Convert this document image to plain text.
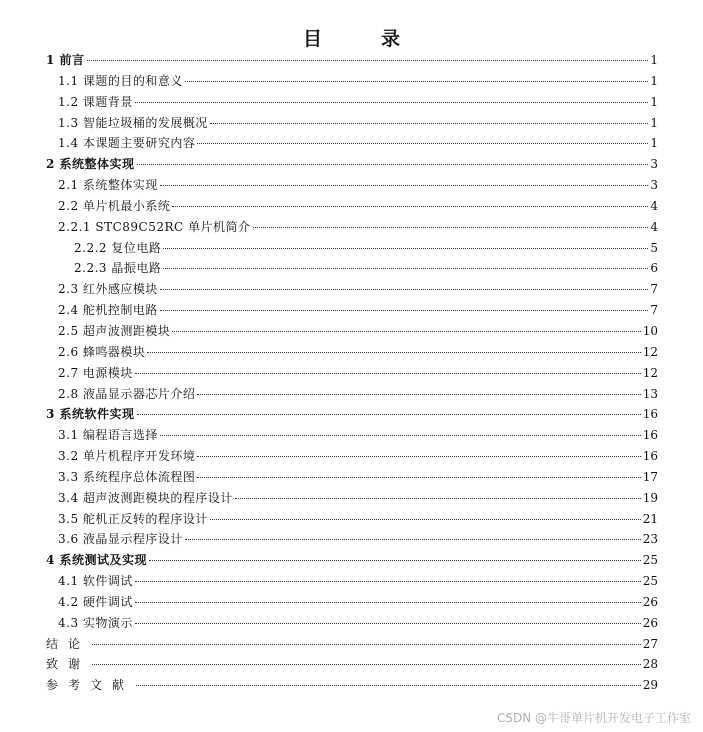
目　录
1 前言	1
1.1 课题的目的和意义	1
1.2 课题背景	1
1.3 智能垃圾桶的发展概况	1
1.4 本课题主要研究内容	1
2 系统整体实现	3
2.1 系统整体实现	3
2.2 单片机最小系统	4
2.2.1 STC89C52RC 单片机简介	4
2.2.2 复位电路	5
2.2.3 晶振电路	6
2.3 红外感应模块	7
2.4 舵机控制电路	7
2.5 超声波测距模块	10
2.6 蜂鸣器模块	12
2.7 电源模块	12
2.8 液晶显示器芯片介绍	13
3 系统软件实现	16
3.1 编程语言选择	16
3.2 单片机程序开发环境	16
3.3 系统程序总体流程图	17
3.4 超声波测距模块的程序设计	19
3.5 舵机正反转的程序设计	21
3.6 液晶显示程序设计	23
4 系统测试及实现	25
4.1 软件调试	25
4.2 硬件调试	26
4.3 实物演示	26
结论	27
致谢	28
参考文献	29

CSDN @牛哥单片机开发电子工作室
